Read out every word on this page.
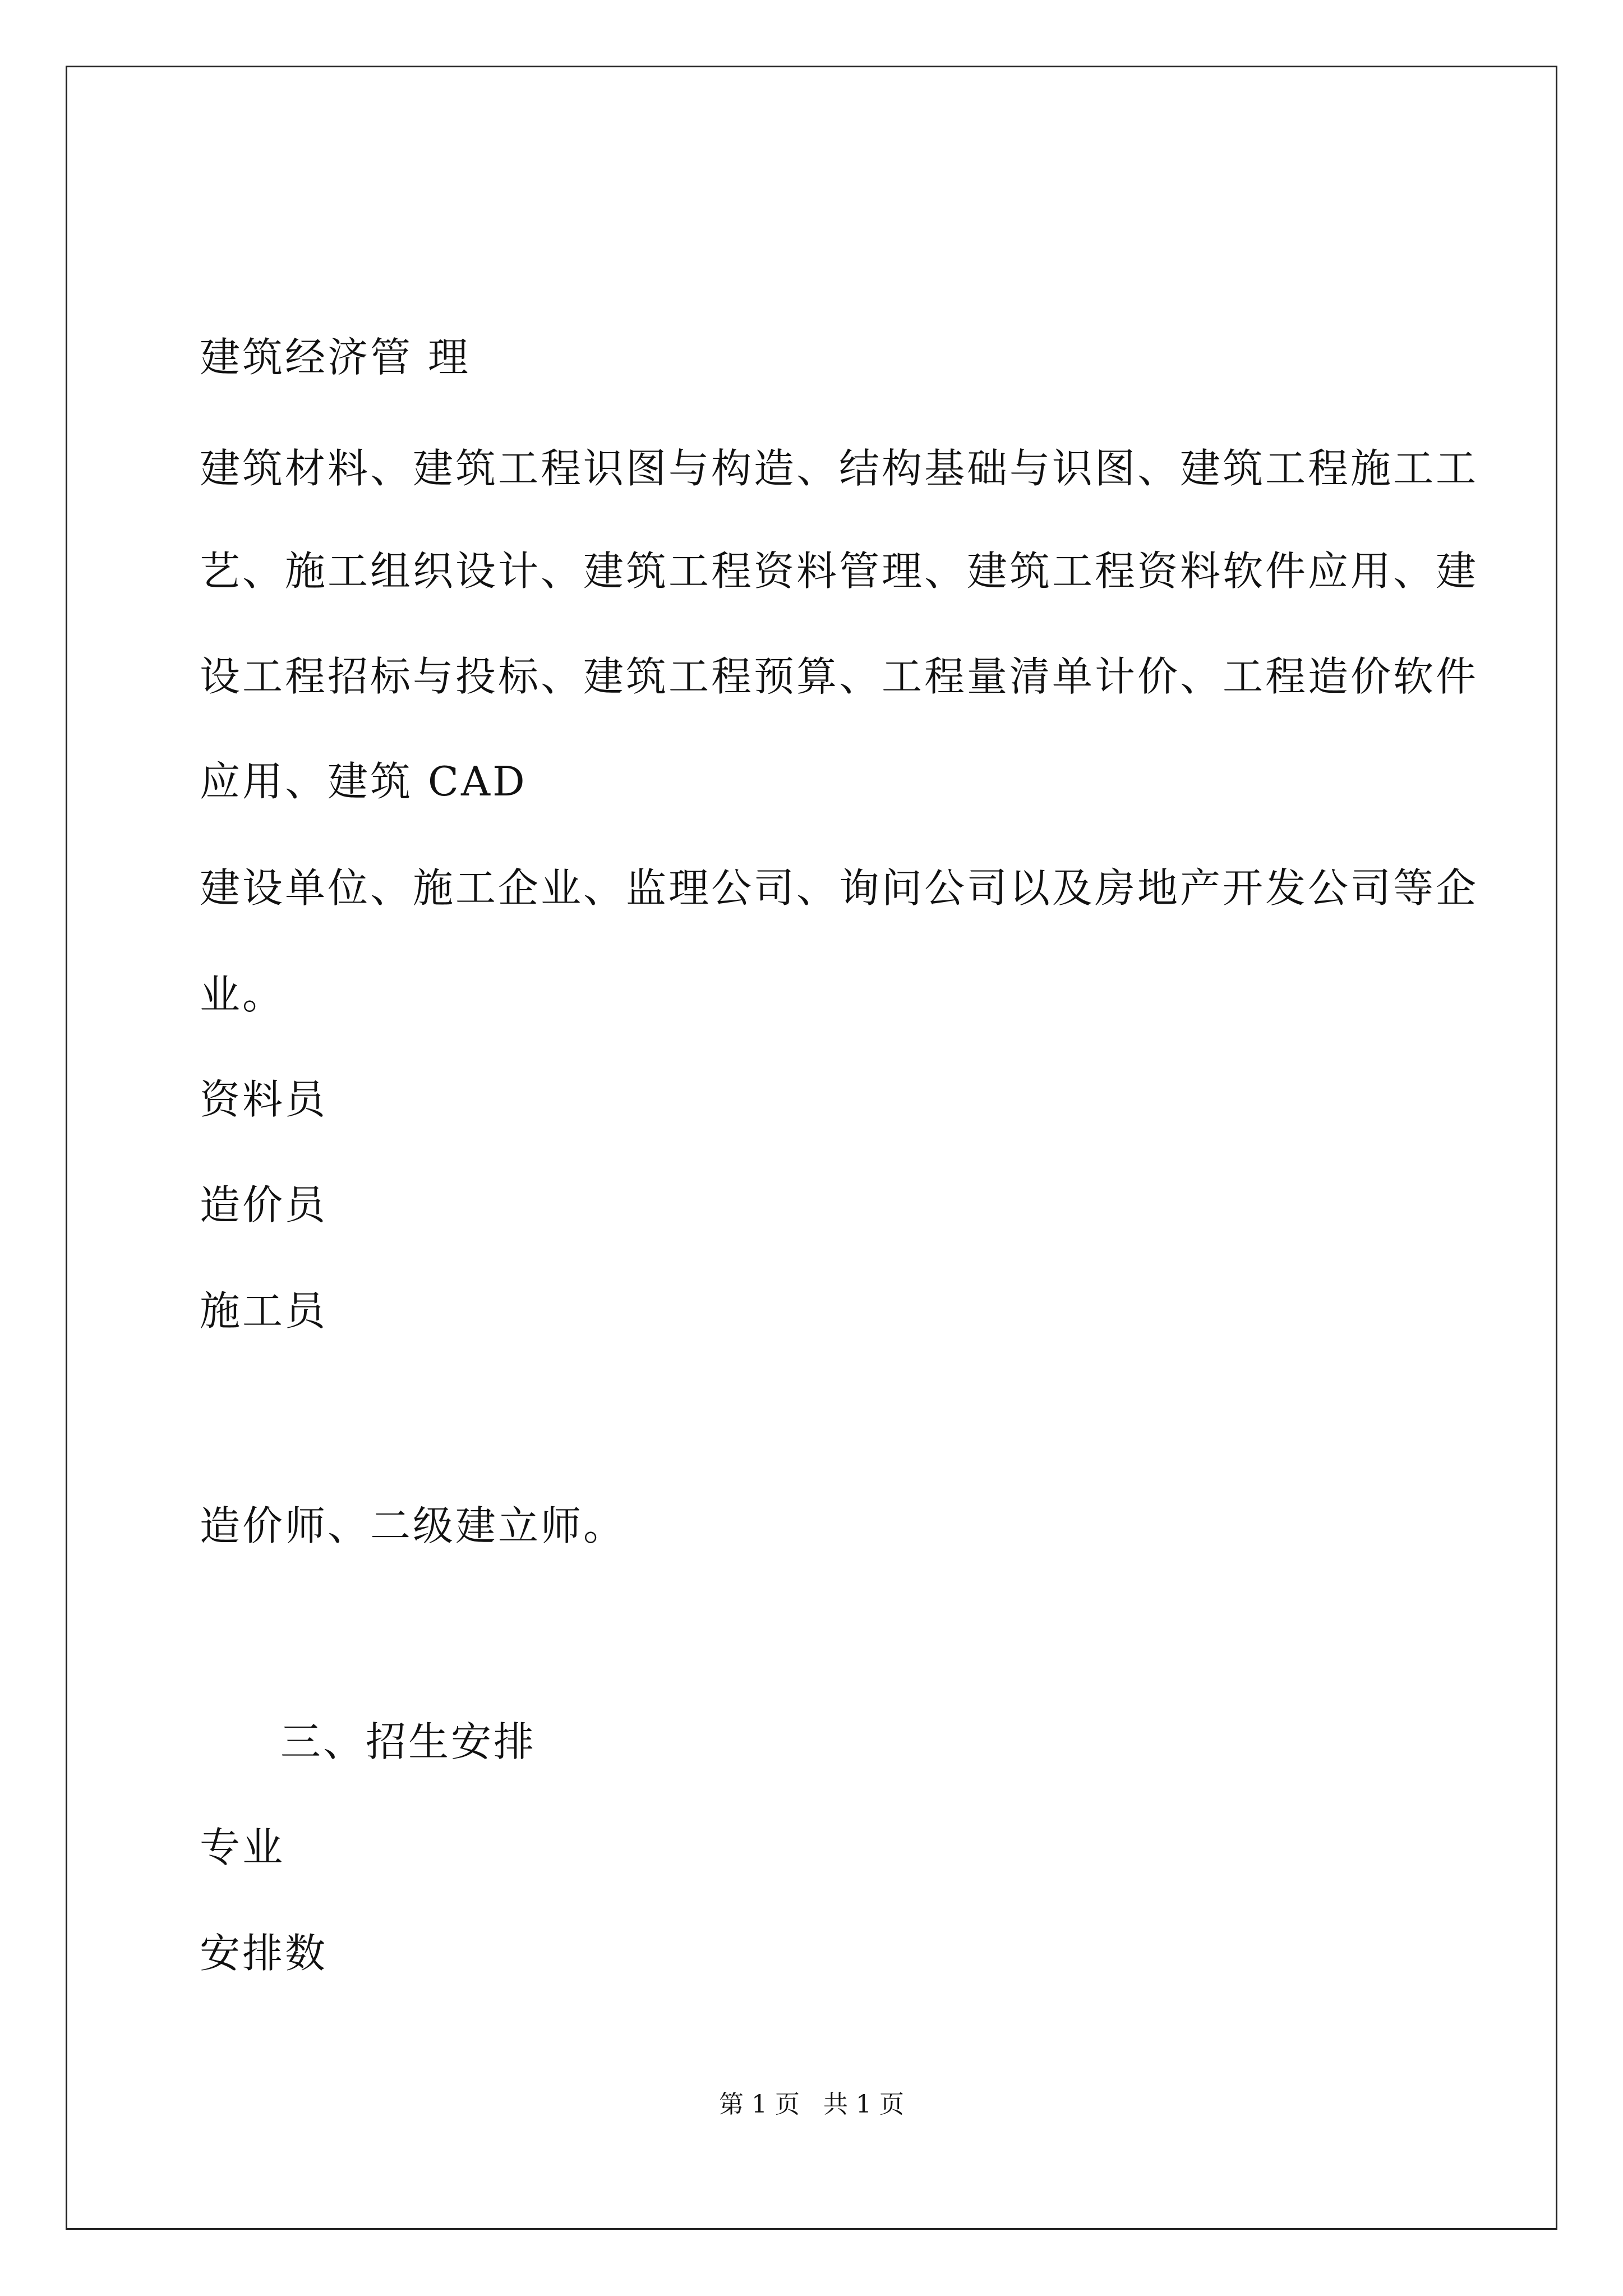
建筑经济管 理
建筑材料、建筑工程识图与构造、结构基础与识图、建筑工程施工工
艺、施工组织设计、建筑工程资料管理、建筑工程资料软件应用、建
设工程招标与投标、建筑工程预算、工程量清单计价、工程造价软件
应用、建筑 CAD
建设单位、施工企业、监理公司、询问公司以及房地产开发公司等企
业。
资料员
造价员
施工员
造价师、二级建立师。
三、招生安排
专业
安排数
第 1 页   共 1 页
